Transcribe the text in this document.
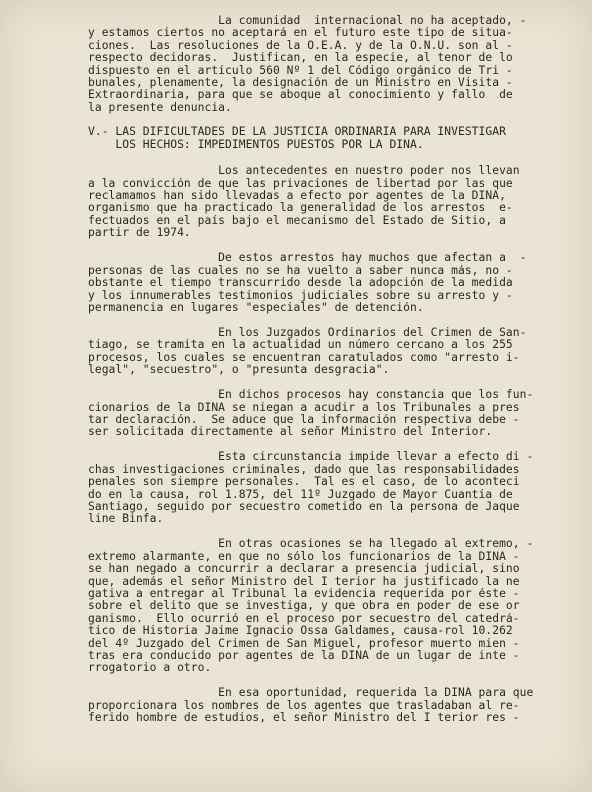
La comunidad  internacional no ha aceptado, -
y estamos ciertos no aceptará en el futuro este tipo de situa-
ciones.  Las resoluciones de la O.E.A. y de la O.N.U. son al -
respecto decidoras.  Justifican, en la especie, al tenor de lo
dispuesto en el artículo 560 Nº 1 del Código orgánico de Tri -
bunales, plenamente, la designación de un Ministro en Visita -
Extraordinaria, para que se aboque al conocimiento y fallo  de
la presente denuncia.
V.- LAS DIFICULTADES DE LA JUSTICIA ORDINARIA PARA INVESTIGAR
LOS HECHOS: IMPEDIMENTOS PUESTOS POR LA DINA.
Los antecedentes en nuestro poder nos llevan
a la convicción de que las privaciones de libertad por las que
reclamamos han sido llevadas a efecto por agentes de la DINA,
organismo que ha practicado la generalidad de los arrestos  e-
fectuados en el país bajo el mecanismo del Estado de Sitio, a
partir de 1974.
De estos arrestos hay muchos que afectan a  -
personas de las cuales no se ha vuelto a saber nunca más, no -
obstante el tiempo transcurrido desde la adopción de la medida
y los innumerables testimonios judiciales sobre su arresto y -
permanencia en lugares "especiales" de detención.
En los Juzgados Ordinarios del Crimen de San-
tiago, se tramita en la actualidad un número cercano a los 255
procesos, los cuales se encuentran caratulados como "arresto i-
legal", "secuestro", o "presunta desgracia".
En dichos procesos hay constancia que los fun-
cionarios de la DINA se niegan a acudir a los Tribunales a pres
tar declaración.  Se aduce que la información respectiva debe -
ser solicitada directamente al señor Ministro del Interior.
Esta circunstancia impide llevar a efecto di -
chas investigaciones criminales, dado que las responsabilidades
penales son siempre personales.  Tal es el caso, de lo aconteci
do en la causa, rol 1.875, del 11º Juzgado de Mayor Cuantía de
Santiago, seguido por secuestro cometido en la persona de Jaque
line Binfa.
En otras ocasiones se ha llegado al extremo, -
extremo alarmante, en que no sólo los funcionarios de la DINA -
se han negado a concurrir a declarar a presencia judicial, sino
que, además el señor Ministro del I terior ha justificado la ne
gativa a entregar al Tribunal la evidencia requerida por éste -
sobre el delito que se investiga, y que obra en poder de ese or
ganismo.  Ello ocurrió en el proceso por secuestro del catedrá-
tico de Historia Jaime Ignacio Ossa Galdames, causa-rol 10.262
del 4º Juzgado del Crimen de San Miguel, profesor muerto mien -
tras era conducido por agentes de la DINA de un lugar de inte -
rrogatorio a otro.
En esa oportunidad, requerida la DINA para que
proporcionara los nombres de los agentes que trasladaban al re-
ferido hombre de estudios, el señor Ministro del I terior res -
